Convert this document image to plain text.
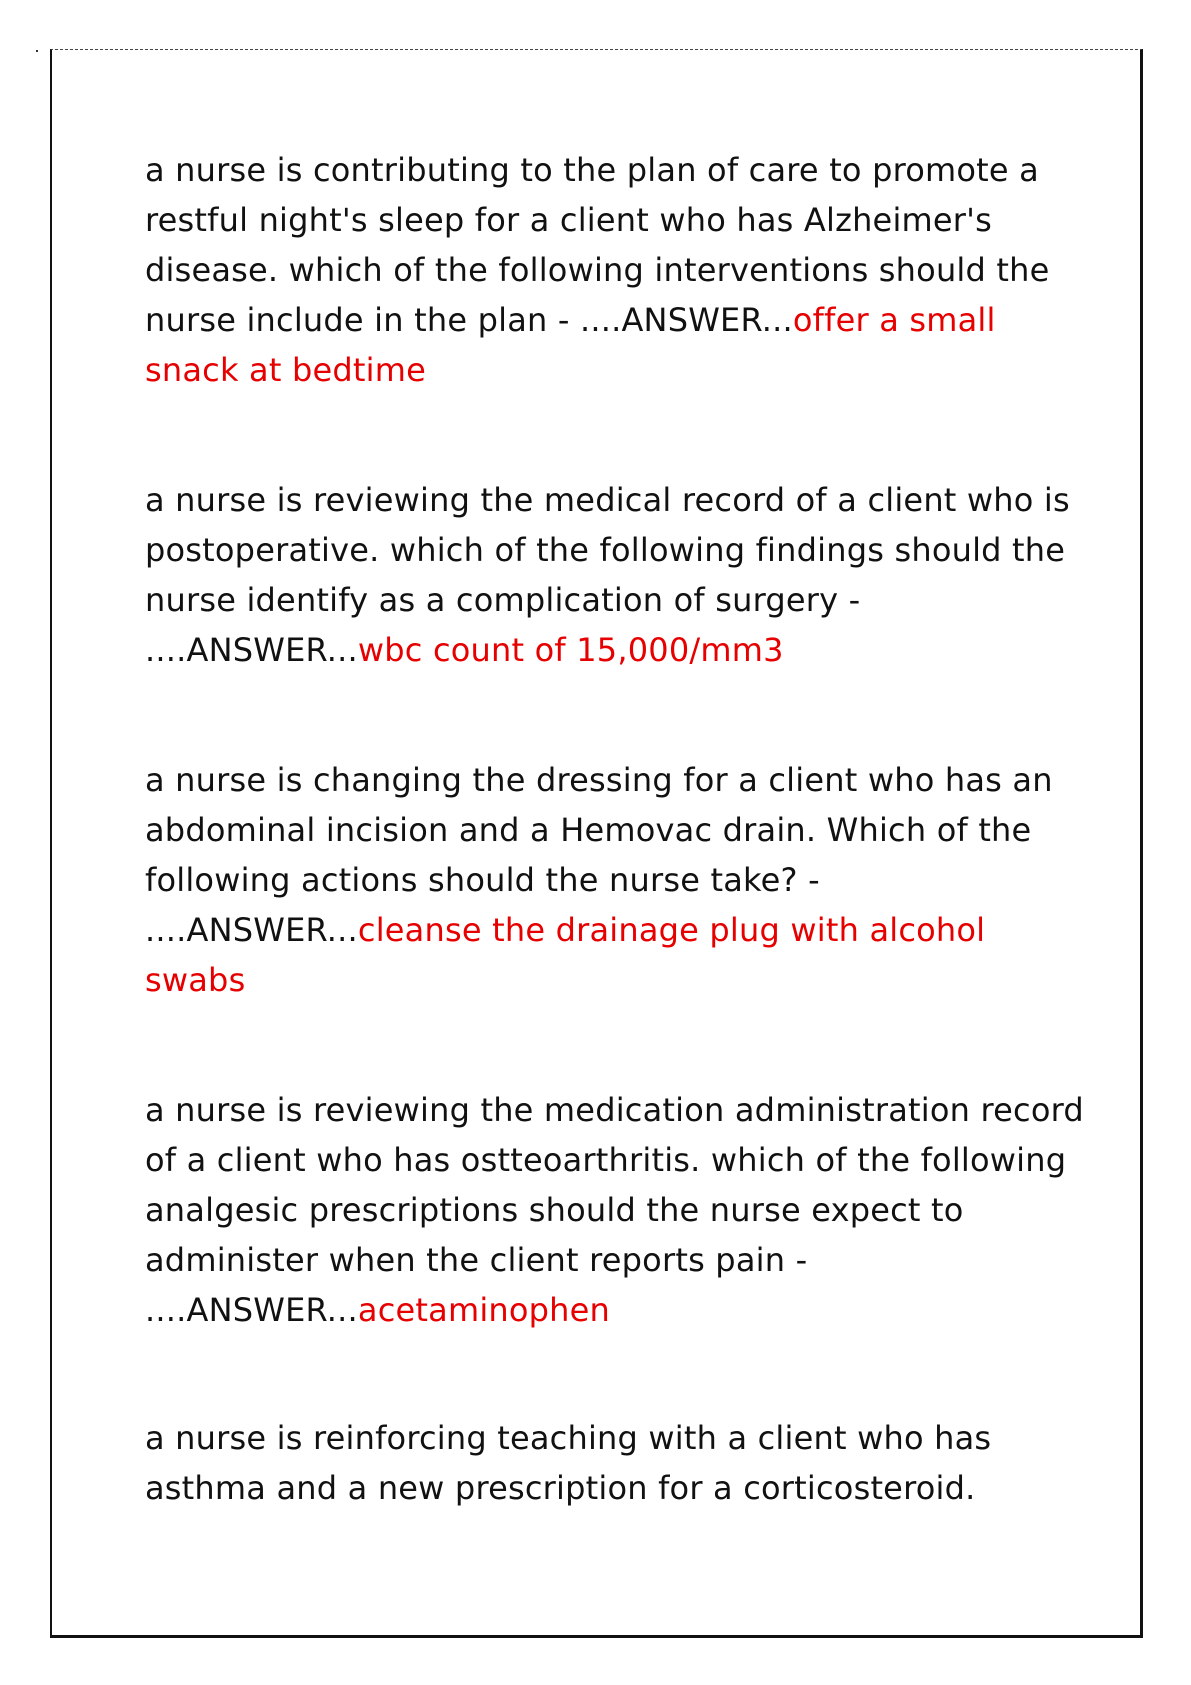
a nurse is contributing to the plan of care to promote a restful night's sleep for a client who has Alzheimer's disease. which of the following interventions should the nurse include in the plan - ....ANSWER...offer a small snack at bedtime

a nurse is reviewing the medical record of a client who is postoperative. which of the following findings should the nurse identify as a complication of surgery - ....ANSWER...wbc count of 15,000/mm3

a nurse is changing the dressing for a client who has an abdominal incision and a Hemovac drain. Which of the following actions should the nurse take? - ....ANSWER...cleanse the drainage plug with alcohol swabs

a nurse is reviewing the medication administration record of a client who has ostteoarthritis. which of the following analgesic prescriptions should the nurse expect to administer when the client reports pain - ....ANSWER...acetaminophen

a nurse is reinforcing teaching with a client who has asthma and a new prescription for a corticosteroid.
